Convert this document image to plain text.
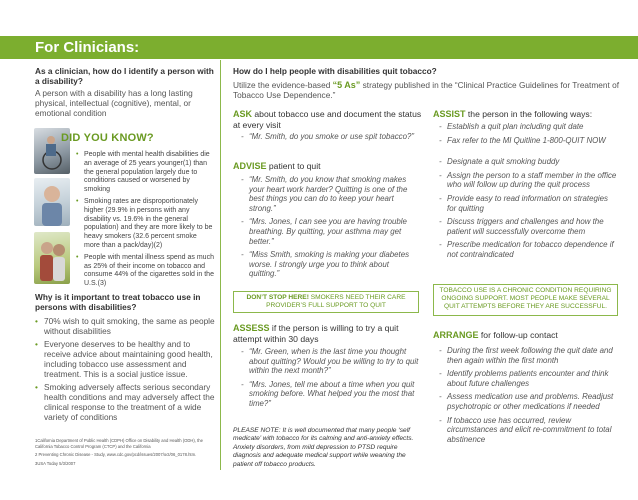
For Clinicians:
As a clinician, how do I identify a person with a disability?
A person with a disability has a long lasting physical, intellectual (cognitive), mental, or emotional condition
DID YOU KNOW?
• People with mental health disabilities die an average of 25 years younger(1) than the general population largely due to conditions caused or worsened by smoking
• Smoking rates are disproportionately higher (29.9% in persons with any disability vs. 19.6% in the general population) and they are more likely to be heavy smokers (32.6 percent smoke more than a pack/day)(2)
• People with mental illness spend as much as 25% of their income on tobacco and consume 44% of the cigarettes sold in the U.S.(3)
Why is it important to treat tobacco use in persons with disabilities?
• 70% wish to quit smoking, the same as people without disabilities
• Everyone deserves to be healthy and to receive advice about maintaining good health, including tobacco use assessment and treatment. This is a social justice issue.
• Smoking adversely affects serious secondary health conditions and may adversely affect the clinical response to the treatment of a wide variety of conditions
1California Department of Public Health (CDPH) Office on Disability and Health (ODH), the California Tobacco Control Program (CTCP) and the California
2 Preventing Chronic Disease - Study, www.cdc.gov/pcd/issues/2007/oct/06_0178.htm.
3USA Today 5/3/2007
How do I help people with disabilities quit tobacco?
Utilize the evidence-based “5 As” strategy published in the “Clinical Practice Guidelines for Treatment of Tobacco Use Dependence.”
ASK about tobacco use and document the status at every visit
- “Mr. Smith, do you smoke or use spit tobacco?”
ADVISE patient to quit
- “Mr. Smith, do you know that smoking makes your heart work harder? Quitting is one of the best things you can do to keep your heart strong.”
- “Mrs. Jones, I can see you are having trouble breathing. By quitting, your asthma may get better.”
- “Miss Smith, smoking is making your diabetes worse. I strongly urge you to think about quitting.”
DON’T STOP HERE! SMOKERS NEED THEIR CARE PROVIDER’S FULL SUPPORT TO QUIT
ASSESS if the person is willing to try a quit attempt within 30 days
- “Mr. Green, when is the last time you thought about quitting? Would you be willing to try to quit within the next month?”
- “Mrs. Jones, tell me about a time when you quit smoking before. What helped you the most that time?”
PLEASE NOTE: It is well documented that many people ‘self medicate’ with tobacco for its calming and anti-anxiety effects. Anxiety disorders, from mild depression to PTSD require diagnosis and adequate medical support while weaning the patient off tobacco products.
ASSIST the person in the following ways:
- Establish a quit plan including quit date
- Fax refer to the MI Quitline 1-800-QUIT NOW
- Designate a quit smoking buddy
- Assign the person to a staff member in the office who will follow up during the quit process
- Provide easy to read information on strategies for quitting
- Discuss triggers and challenges and how the patient will successfully overcome them
- Prescribe medication for tobacco dependence if not contraindicated
TOBACCO USE IS A CHRONIC CONDITION REQUIRING ONGOING SUPPORT. MOST PEOPLE MAKE SEVERAL QUIT ATTEMPTS BEFORE THEY ARE SUCCESSFUL.
ARRANGE for follow-up contact
- During the first week following the quit date and then again within the first month
- Identify problems patients encounter and think about future challenges
- Assess medication use and problems. Readjust psychotropic or other medications if needed
- If tobacco use has occurred, review circumstances and elicit re-commitment to total abstinence
